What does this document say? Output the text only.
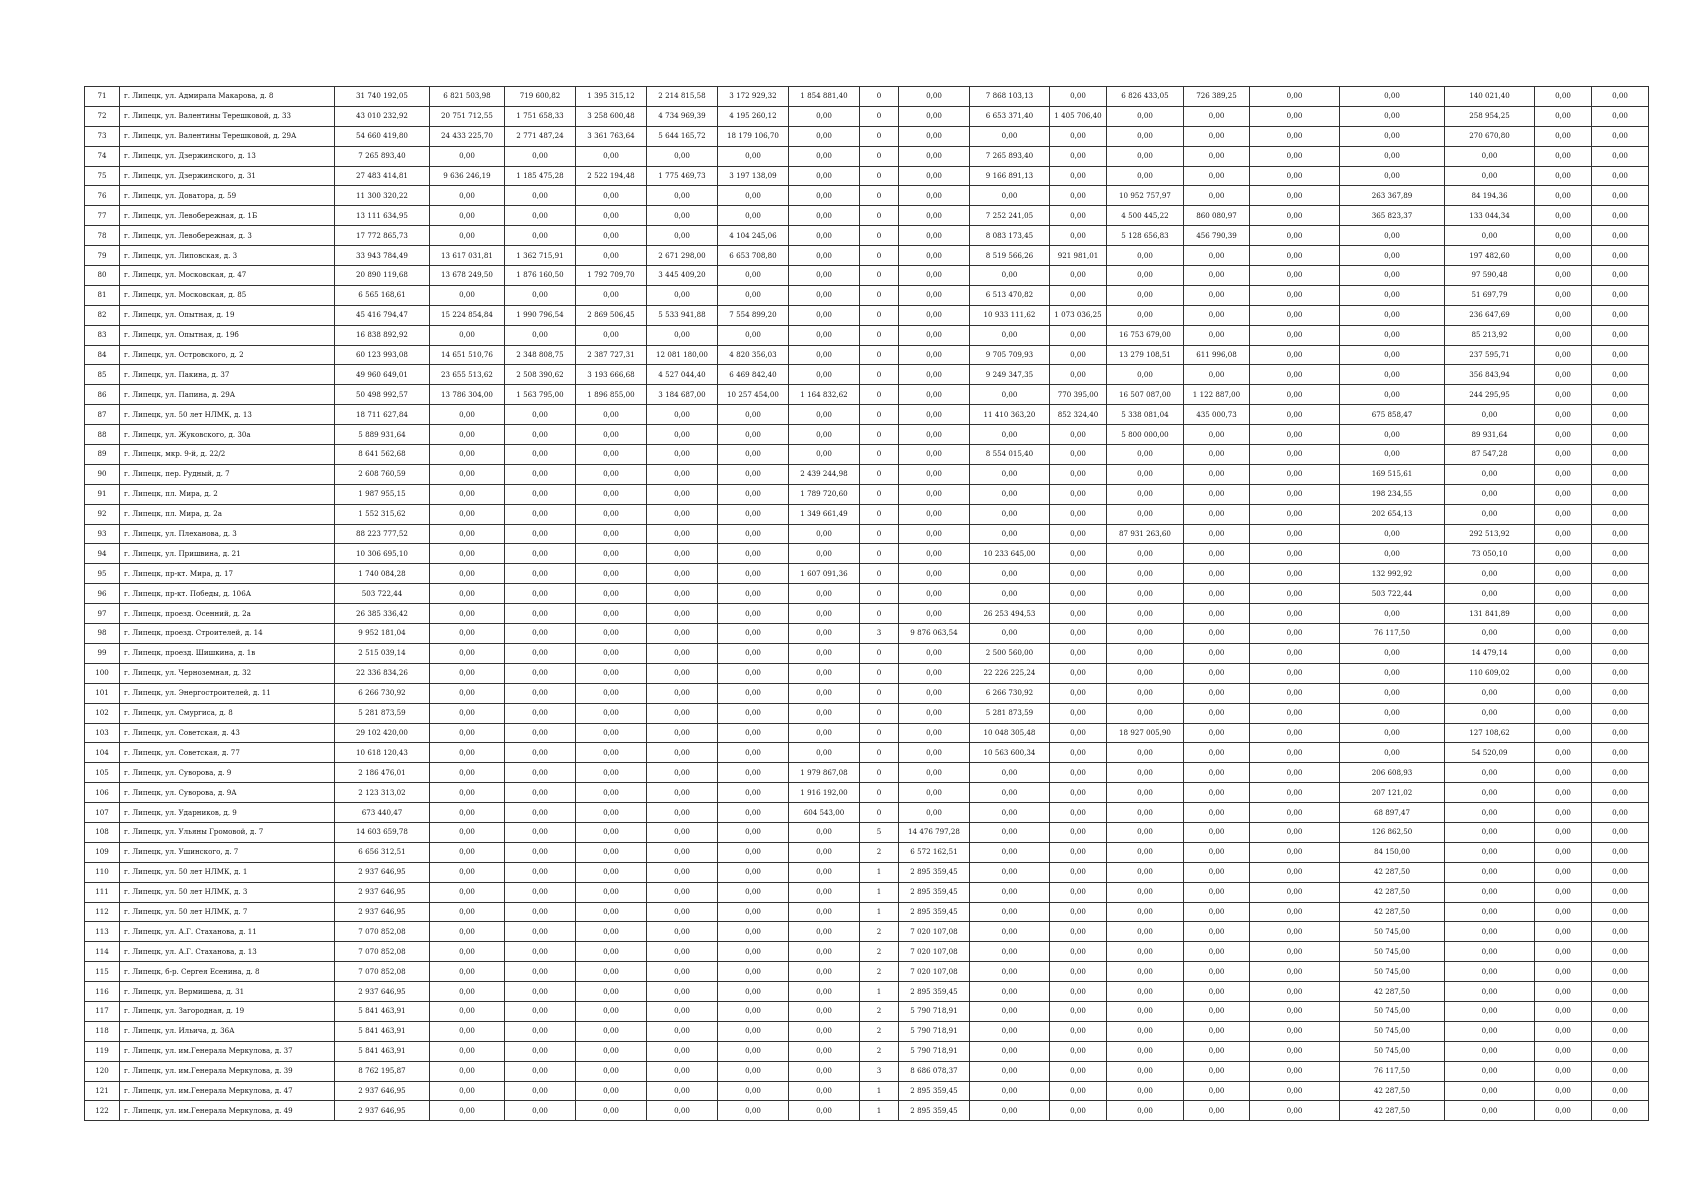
71	г. Липецк, ул. Адмирала Макарова, д. 8	31 740 192,05	6 821 503,98	719 600,82	1 395 315,12	2 214 815,58	3 172 929,32	1 854 881,40	0	0,00	7 868 103,13	0,00	6 826 433,05	726 389,25	0,00	0,00	140 021,40	0,00	0,00
72	г. Липецк, ул. Валентины Терешковой, д. 33	43 010 232,92	20 751 712,55	1 751 658,33	3 258 600,48	4 734 969,39	4 195 260,12	0,00	0	0,00	6 653 371,40	1 405 706,40	0,00	0,00	0,00	0,00	258 954,25	0,00	0,00
73	г. Липецк, ул. Валентины Терешковой, д. 29А	54 660 419,80	24 433 225,70	2 771 487,24	3 361 763,64	5 644 165,72	18 179 106,70	0,00	0	0,00	0,00	0,00	0,00	0,00	0,00	0,00	270 670,80	0,00	0,00
74	г. Липецк, ул. Дзержинского, д. 13	7 265 893,40	0,00	0,00	0,00	0,00	0,00	0,00	0	0,00	7 265 893,40	0,00	0,00	0,00	0,00	0,00	0,00	0,00	0,00
75	г. Липецк, ул. Дзержинского, д. 31	27 483 414,81	9 636 246,19	1 185 475,28	2 522 194,48	1 775 469,73	3 197 138,09	0,00	0	0,00	9 166 891,13	0,00	0,00	0,00	0,00	0,00	0,00	0,00	0,00
76	г. Липецк, ул. Доватора, д. 59	11 300 320,22	0,00	0,00	0,00	0,00	0,00	0,00	0	0,00	0,00	0,00	10 952 757,97	0,00	0,00	263 367,89	84 194,36	0,00	0,00
77	г. Липецк, ул. Левобережная, д. 1Б	13 111 634,95	0,00	0,00	0,00	0,00	0,00	0,00	0	0,00	7 252 241,05	0,00	4 500 445,22	860 080,97	0,00	365 823,37	133 044,34	0,00	0,00
78	г. Липецк, ул. Левобережная, д. 3	17 772 865,73	0,00	0,00	0,00	0,00	4 104 245,06	0,00	0	0,00	8 083 173,45	0,00	5 128 656,83	456 790,39	0,00	0,00	0,00	0,00	0,00
79	г. Липецк, ул. Липовская, д. 3	33 943 784,49	13 617 031,81	1 362 715,91	0,00	2 671 298,00	6 653 708,80	0,00	0	0,00	8 519 566,26	921 981,01	0,00	0,00	0,00	0,00	197 482,60	0,00	0,00
80	г. Липецк, ул. Московская, д. 47	20 890 119,68	13 678 249,50	1 876 160,50	1 792 709,70	3 445 409,20	0,00	0,00	0	0,00	0,00	0,00	0,00	0,00	0,00	0,00	97 590,48	0,00	0,00
81	г. Липецк, ул. Московская, д. 85	6 565 168,61	0,00	0,00	0,00	0,00	0,00	0,00	0	0,00	6 513 470,82	0,00	0,00	0,00	0,00	0,00	51 697,79	0,00	0,00
82	г. Липецк, ул. Опытная, д. 19	45 416 794,47	15 224 854,84	1 990 796,54	2 869 506,45	5 533 941,88	7 554 899,20	0,00	0	0,00	10 933 111,62	1 073 036,25	0,00	0,00	0,00	0,00	236 647,69	0,00	0,00
83	г. Липецк, ул. Опытная, д. 19б	16 838 892,92	0,00	0,00	0,00	0,00	0,00	0,00	0	0,00	0,00	0,00	16 753 679,00	0,00	0,00	0,00	85 213,92	0,00	0,00
84	г. Липецк, ул. Островского, д. 2	60 123 993,08	14 651 510,76	2 348 808,75	2 387 727,31	12 081 180,00	4 820 356,03	0,00	0	0,00	9 705 709,93	0,00	13 279 108,51	611 996,08	0,00	0,00	237 595,71	0,00	0,00
85	г. Липецк, ул. Пакина, д. 37	49 960 649,01	23 655 513,62	2 508 390,62	3 193 666,68	4 527 044,40	6 469 842,40	0,00	0	0,00	9 249 347,35	0,00	0,00	0,00	0,00	0,00	356 843,94	0,00	0,00
86	г. Липецк, ул. Папина, д. 29А	50 498 992,57	13 786 304,00	1 563 795,00	1 896 855,00	3 184 687,00	10 257 454,00	1 164 832,62	0	0,00	0,00	770 395,00	16 507 087,00	1 122 887,00	0,00	0,00	244 295,95	0,00	0,00
87	г. Липецк, ул. 50 лет НЛМК, д. 13	18 711 627,84	0,00	0,00	0,00	0,00	0,00	0,00	0	0,00	11 410 363,20	852 324,40	5 338 081,04	435 000,73	0,00	675 858,47	0,00	0,00	0,00
88	г. Липецк, ул. Жуковского, д. 30а	5 889 931,64	0,00	0,00	0,00	0,00	0,00	0,00	0	0,00	0,00	0,00	5 800 000,00	0,00	0,00	0,00	89 931,64	0,00	0,00
89	г. Липецк, мкр. 9-й, д. 22/2	8 641 562,68	0,00	0,00	0,00	0,00	0,00	0,00	0	0,00	8 554 015,40	0,00	0,00	0,00	0,00	0,00	87 547,28	0,00	0,00
90	г. Липецк, пер. Рудный, д. 7	2 608 760,59	0,00	0,00	0,00	0,00	0,00	2 439 244,98	0	0,00	0,00	0,00	0,00	0,00	0,00	169 515,61	0,00	0,00	0,00
91	г. Липецк, пл. Мира, д. 2	1 987 955,15	0,00	0,00	0,00	0,00	0,00	1 789 720,60	0	0,00	0,00	0,00	0,00	0,00	0,00	198 234,55	0,00	0,00	0,00
92	г. Липецк, пл. Мира, д. 2а	1 552 315,62	0,00	0,00	0,00	0,00	0,00	1 349 661,49	0	0,00	0,00	0,00	0,00	0,00	0,00	202 654,13	0,00	0,00	0,00
93	г. Липецк, ул. Плеханова, д. 3	88 223 777,52	0,00	0,00	0,00	0,00	0,00	0,00	0	0,00	0,00	0,00	87 931 263,60	0,00	0,00	0,00	292 513,92	0,00	0,00
94	г. Липецк, ул. Пришвина, д. 21	10 306 695,10	0,00	0,00	0,00	0,00	0,00	0,00	0	0,00	10 233 645,00	0,00	0,00	0,00	0,00	0,00	73 050,10	0,00	0,00
95	г. Липецк, пр-кт. Мира, д. 17	1 740 084,28	0,00	0,00	0,00	0,00	0,00	1 607 091,36	0	0,00	0,00	0,00	0,00	0,00	0,00	132 992,92	0,00	0,00	0,00
96	г. Липецк, пр-кт. Победы, д. 106А	503 722,44	0,00	0,00	0,00	0,00	0,00	0,00	0	0,00	0,00	0,00	0,00	0,00	0,00	503 722,44	0,00	0,00	0,00
97	г. Липецк, проезд. Осенний, д. 2а	26 385 336,42	0,00	0,00	0,00	0,00	0,00	0,00	0	0,00	26 253 494,53	0,00	0,00	0,00	0,00	0,00	131 841,89	0,00	0,00
98	г. Липецк, проезд. Строителей, д. 14	9 952 181,04	0,00	0,00	0,00	0,00	0,00	0,00	3	9 876 063,54	0,00	0,00	0,00	0,00	0,00	76 117,50	0,00	0,00	0,00
99	г. Липецк, проезд. Шишкина, д. 1в	2 515 039,14	0,00	0,00	0,00	0,00	0,00	0,00	0	0,00	2 500 560,00	0,00	0,00	0,00	0,00	0,00	14 479,14	0,00	0,00
100	г. Липецк, ул. Черноземная, д. 32	22 336 834,26	0,00	0,00	0,00	0,00	0,00	0,00	0	0,00	22 226 225,24	0,00	0,00	0,00	0,00	0,00	110 609,02	0,00	0,00
101	г. Липецк, ул. Энергостроителей, д. 11	6 266 730,92	0,00	0,00	0,00	0,00	0,00	0,00	0	0,00	6 266 730,92	0,00	0,00	0,00	0,00	0,00	0,00	0,00	0,00
102	г. Липецк, ул. Смургиса, д. 8	5 281 873,59	0,00	0,00	0,00	0,00	0,00	0,00	0	0,00	5 281 873,59	0,00	0,00	0,00	0,00	0,00	0,00	0,00	0,00
103	г. Липецк, ул. Советская, д. 43	29 102 420,00	0,00	0,00	0,00	0,00	0,00	0,00	0	0,00	10 048 305,48	0,00	18 927 005,90	0,00	0,00	0,00	127 108,62	0,00	0,00
104	г. Липецк, ул. Советская, д. 77	10 618 120,43	0,00	0,00	0,00	0,00	0,00	0,00	0	0,00	10 563 600,34	0,00	0,00	0,00	0,00	0,00	54 520,09	0,00	0,00
105	г. Липецк, ул. Суворова, д. 9	2 186 476,01	0,00	0,00	0,00	0,00	0,00	1 979 867,08	0	0,00	0,00	0,00	0,00	0,00	0,00	206 608,93	0,00	0,00	0,00
106	г. Липецк, ул. Суворова, д. 9А	2 123 313,02	0,00	0,00	0,00	0,00	0,00	1 916 192,00	0	0,00	0,00	0,00	0,00	0,00	0,00	207 121,02	0,00	0,00	0,00
107	г. Липецк, ул. Ударников, д. 9	673 440,47	0,00	0,00	0,00	0,00	0,00	604 543,00	0	0,00	0,00	0,00	0,00	0,00	0,00	68 897,47	0,00	0,00	0,00
108	г. Липецк, ул. Ульяны Громовой, д. 7	14 603 659,78	0,00	0,00	0,00	0,00	0,00	0,00	5	14 476 797,28	0,00	0,00	0,00	0,00	0,00	126 862,50	0,00	0,00	0,00
109	г. Липецк, ул. Ушинского, д. 7	6 656 312,51	0,00	0,00	0,00	0,00	0,00	0,00	2	6 572 162,51	0,00	0,00	0,00	0,00	0,00	84 150,00	0,00	0,00	0,00
110	г. Липецк, ул. 50 лет НЛМК, д. 1	2 937 646,95	0,00	0,00	0,00	0,00	0,00	0,00	1	2 895 359,45	0,00	0,00	0,00	0,00	0,00	42 287,50	0,00	0,00	0,00
111	г. Липецк, ул. 50 лет НЛМК, д. 3	2 937 646,95	0,00	0,00	0,00	0,00	0,00	0,00	1	2 895 359,45	0,00	0,00	0,00	0,00	0,00	42 287,50	0,00	0,00	0,00
112	г. Липецк, ул. 50 лет НЛМК, д. 7	2 937 646,95	0,00	0,00	0,00	0,00	0,00	0,00	1	2 895 359,45	0,00	0,00	0,00	0,00	0,00	42 287,50	0,00	0,00	0,00
113	г. Липецк, ул. А.Г. Стаханова, д. 11	7 070 852,08	0,00	0,00	0,00	0,00	0,00	0,00	2	7 020 107,08	0,00	0,00	0,00	0,00	0,00	50 745,00	0,00	0,00	0,00
114	г. Липецк, ул. А.Г. Стаханова, д. 13	7 070 852,08	0,00	0,00	0,00	0,00	0,00	0,00	2	7 020 107,08	0,00	0,00	0,00	0,00	0,00	50 745,00	0,00	0,00	0,00
115	г. Липецк, б-р. Сергея Есенина, д. 8	7 070 852,08	0,00	0,00	0,00	0,00	0,00	0,00	2	7 020 107,08	0,00	0,00	0,00	0,00	0,00	50 745,00	0,00	0,00	0,00
116	г. Липецк, ул. Вермишева, д. 31	2 937 646,95	0,00	0,00	0,00	0,00	0,00	0,00	1	2 895 359,45	0,00	0,00	0,00	0,00	0,00	42 287,50	0,00	0,00	0,00
117	г. Липецк, ул. Загородная, д. 19	5 841 463,91	0,00	0,00	0,00	0,00	0,00	0,00	2	5 790 718,91	0,00	0,00	0,00	0,00	0,00	50 745,00	0,00	0,00	0,00
118	г. Липецк, ул. Ильича, д. 36А	5 841 463,91	0,00	0,00	0,00	0,00	0,00	0,00	2	5 790 718,91	0,00	0,00	0,00	0,00	0,00	50 745,00	0,00	0,00	0,00
119	г. Липецк, ул. им.Генерала Меркулова, д. 37	5 841 463,91	0,00	0,00	0,00	0,00	0,00	0,00	2	5 790 718,91	0,00	0,00	0,00	0,00	0,00	50 745,00	0,00	0,00	0,00
120	г. Липецк, ул. им.Генерала Меркулова, д. 39	8 762 195,87	0,00	0,00	0,00	0,00	0,00	0,00	3	8 686 078,37	0,00	0,00	0,00	0,00	0,00	76 117,50	0,00	0,00	0,00
121	г. Липецк, ул. им.Генерала Меркулова, д. 47	2 937 646,95	0,00	0,00	0,00	0,00	0,00	0,00	1	2 895 359,45	0,00	0,00	0,00	0,00	0,00	42 287,50	0,00	0,00	0,00
122	г. Липецк, ул. им.Генерала Меркулова, д. 49	2 937 646,95	0,00	0,00	0,00	0,00	0,00	0,00	1	2 895 359,45	0,00	0,00	0,00	0,00	0,00	42 287,50	0,00	0,00	0,00
